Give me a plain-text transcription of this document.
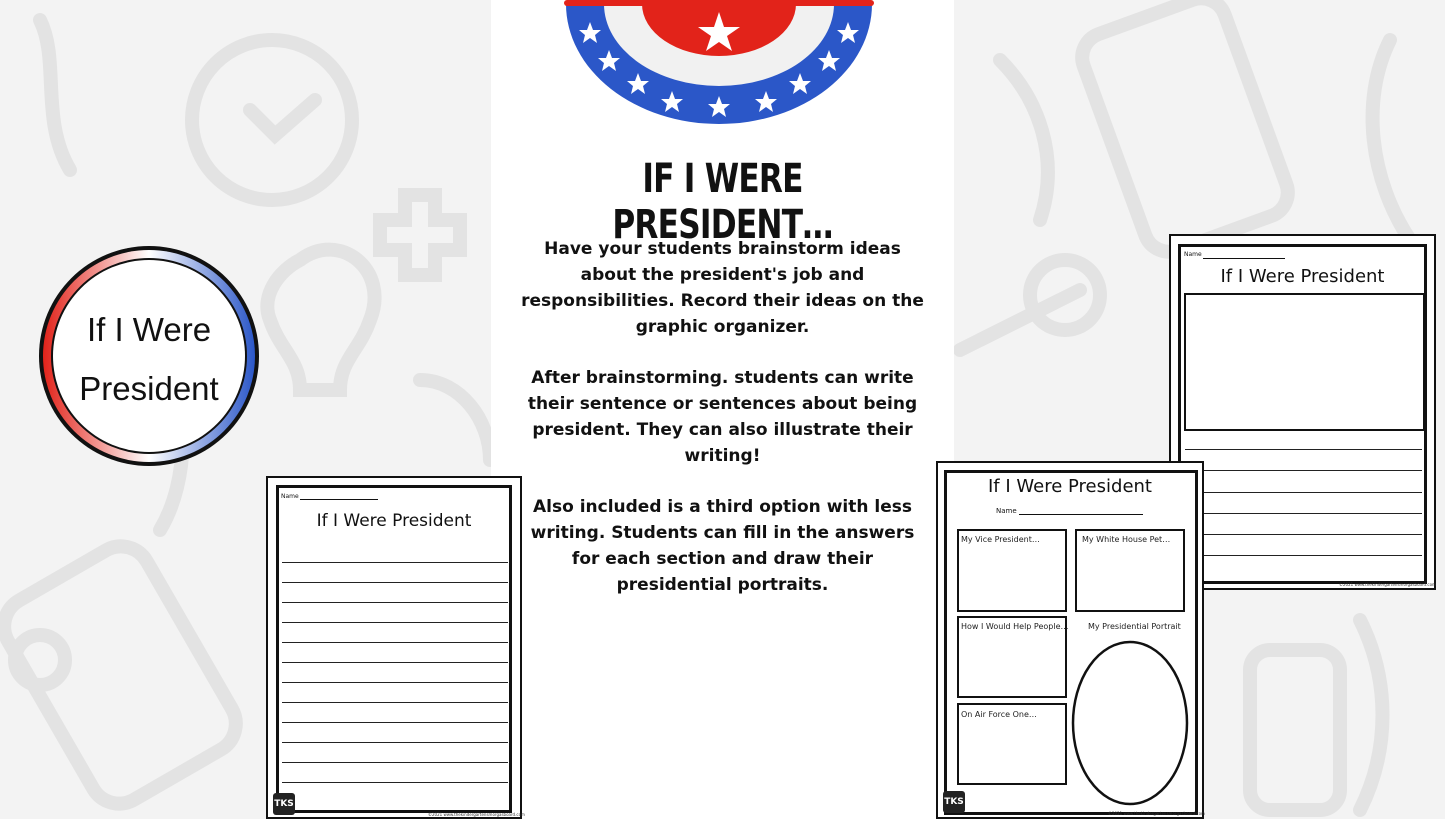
IF I WERE PRESIDENT…

Have your students brainstorm ideas about the president's job and responsibilities. Record their ideas on the graphic organizer.

After brainstorming. students can write their sentence or sentences about being president. They can also illustrate their writing!

Also included is a third option with less writing. Students can fill in the answers for each section and draw their presidential portraits.

If I Were
President
Name
If I Were President
TKS
©2021 www.thekindergartensmorgasboard.com
Name
If I Were President
©2021 www.thekindergartensmorgasboard.com
If I Were President
Name
My Vice President…	My White House Pet…
How I Would Help People… My Presidential Portrait
On Air Force One…
TKS
©2021 www.thekindergartensmorgasboard.com
